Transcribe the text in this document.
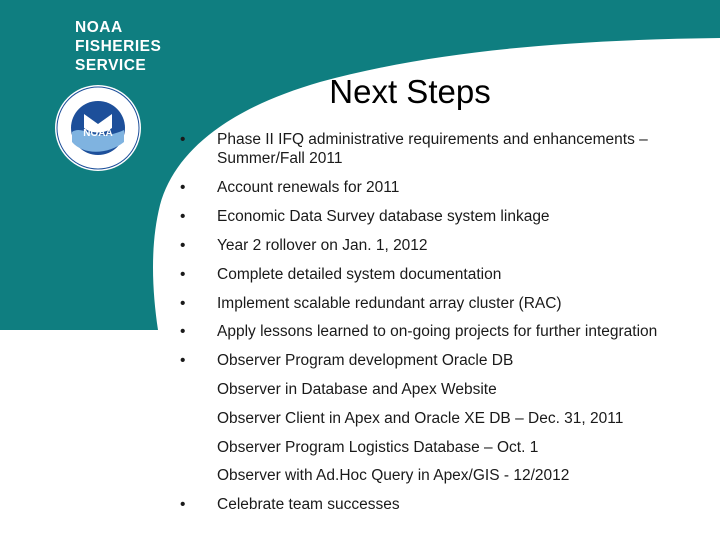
NOAA
FISHERIES
SERVICE
NOAA
Next Steps
•	Phase II IFQ administrative requirements and enhancements – Summer/Fall 2011
•	Account renewals for 2011
•	Economic Data Survey database system linkage
•	Year 2 rollover on Jan. 1, 2012
•	Complete detailed system documentation
•	Implement scalable redundant array cluster (RAC)
•	Apply lessons learned to on-going projects for further integration
•	Observer Program development Oracle DB
Observer in Database and Apex Website
Observer Client in Apex and Oracle XE DB – Dec. 31, 2011
Observer Program Logistics Database – Oct. 1
Observer with Ad.Hoc Query in Apex/GIS - 12/2012
•	Celebrate team successes
